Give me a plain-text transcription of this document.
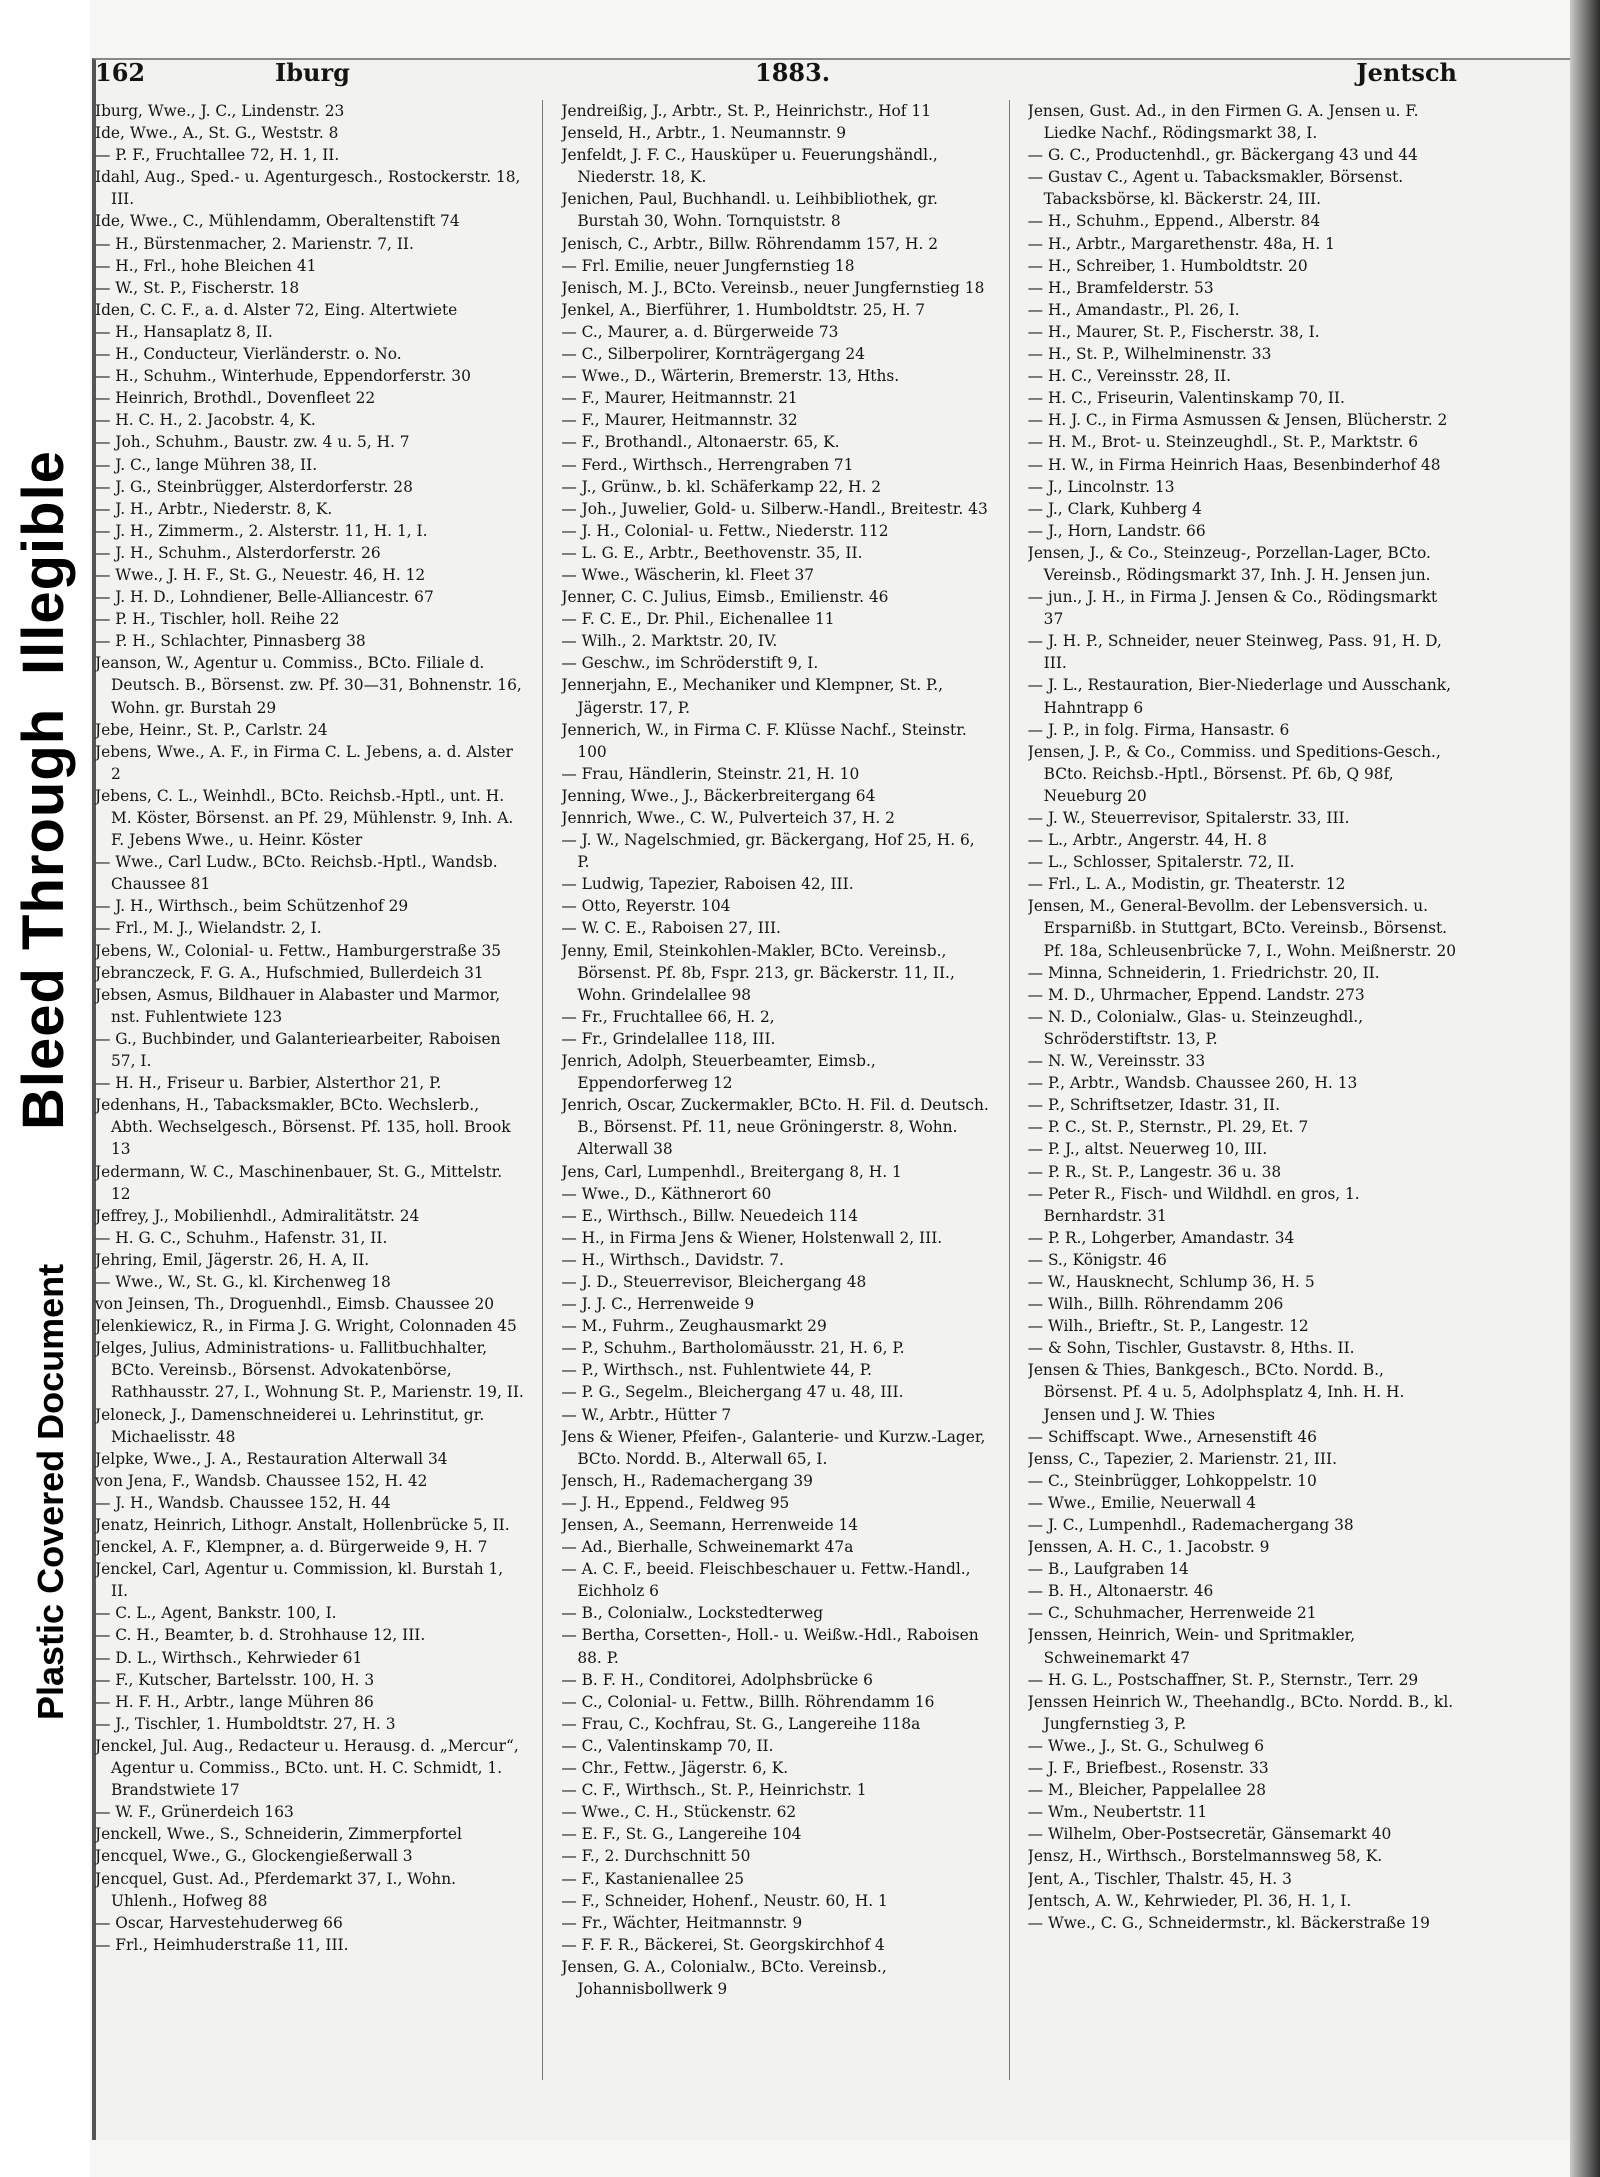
Illegible
Bleed Through
Plastic Covered Document
162	Iburg	1883.	Jentsch

Iburg, Wwe., J. C., Lindenstr. 23

Ide, Wwe., A., St. G., Weststr. 8

— P. F., Fruchtallee 72, H. 1, II.

Idahl, Aug., Sped.- u. Agenturgesch., Rostockerstr. 18, III.

Ide, Wwe., C., Mühlendamm, Oberaltenstift 74

— H., Bürstenmacher, 2. Marienstr. 7, II.

— H., Frl., hohe Bleichen 41

— W., St. P., Fischerstr. 18

Iden, C. C. F., a. d. Alster 72, Eing. Altertwiete

— H., Hansaplatz 8, II.

— H., Conducteur, Vierländerstr. o. No.

— H., Schuhm., Winterhude, Eppendorferstr. 30

— Heinrich, Brothdl., Dovenfleet 22

— H. C. H., 2. Jacobstr. 4, K.

— Joh., Schuhm., Baustr. zw. 4 u. 5, H. 7

— J. C., lange Mühren 38, II.

— J. G., Steinbrügger, Alsterdorferstr. 28

— J. H., Arbtr., Niederstr. 8, K.

— J. H., Zimmerm., 2. Alsterstr. 11, H. 1, I.

— J. H., Schuhm., Alsterdorferstr. 26

— Wwe., J. H. F., St. G., Neuestr. 46, H. 12

— J. H. D., Lohndiener, Belle-Alliancestr. 67

— P. H., Tischler, holl. Reihe 22

— P. H., Schlachter, Pinnasberg 38

Jeanson, W., Agentur u. Commiss., BCto. Filiale d. Deutsch. B., Börsenst. zw. Pf. 30—31, Bohnenstr. 16, Wohn. gr. Burstah 29

Jebe, Heinr., St. P., Carlstr. 24

Jebens, Wwe., A. F., in Firma C. L. Jebens, a. d. Alster 2

Jebens, C. L., Weinhdl., BCto. Reichsb.-Hptl., unt. H. M. Köster, Börsenst. an Pf. 29, Mühlenstr. 9, Inh. A. F. Jebens Wwe., u. Heinr. Köster

— Wwe., Carl Ludw., BCto. Reichsb.-Hptl., Wandsb. Chaussee 81

— J. H., Wirthsch., beim Schützenhof 29

— Frl., M. J., Wielandstr. 2, I.

Jebens, W., Colonial- u. Fettw., Hamburgerstraße 35

Jebranczeck, F. G. A., Hufschmied, Bullerdeich 31

Jebsen, Asmus, Bildhauer in Alabaster und Marmor, nst. Fuhlentwiete 123

— G., Buchbinder, und Galanteriearbeiter, Raboisen 57, I.

— H. H., Friseur u. Barbier, Alsterthor 21, P.

Jedenhans, H., Tabacksmakler, BCto. Wechslerb., Abth. Wechselgesch., Börsenst. Pf. 135, holl. Brook 13

Jedermann, W. C., Maschinenbauer, St. G., Mittelstr. 12

Jeffrey, J., Mobilienhdl., Admiralitätstr. 24

— H. G. C., Schuhm., Hafenstr. 31, II.

Jehring, Emil, Jägerstr. 26, H. A, II.

— Wwe., W., St. G., kl. Kirchenweg 18

von Jeinsen, Th., Droguenhdl., Eimsb. Chaussee 20

Jelenkiewicz, R., in Firma J. G. Wright, Colonnaden 45

Jelges, Julius, Administrations- u. Fallitbuchhalter, BCto. Vereinsb., Börsenst. Advokatenbörse, Rathhausstr. 27, I., Wohnung St. P., Marienstr. 19, II.

Jeloneck, J., Damenschneiderei u. Lehrinstitut, gr. Michaelisstr. 48

Jelpke, Wwe., J. A., Restauration Alterwall 34

von Jena, F., Wandsb. Chaussee 152, H. 42

— J. H., Wandsb. Chaussee 152, H. 44

Jenatz, Heinrich, Lithogr. Anstalt, Hollenbrücke 5, II.

Jenckel, A. F., Klempner, a. d. Bürgerweide 9, H. 7

Jenckel, Carl, Agentur u. Commission, kl. Burstah 1, II.

— C. L., Agent, Bankstr. 100, I.

— C. H., Beamter, b. d. Strohhause 12, III.

— D. L., Wirthsch., Kehrwieder 61

— F., Kutscher, Bartelsstr. 100, H. 3

— H. F. H., Arbtr., lange Mühren 86

— J., Tischler, 1. Humboldtstr. 27, H. 3

Jenckel, Jul. Aug., Redacteur u. Herausg. d. „Mercur“, Agentur u. Commiss., BCto. unt. H. C. Schmidt, 1. Brandstwiete 17

— W. F., Grünerdeich 163

Jenckell, Wwe., S., Schneiderin, Zimmerpfortel

Jencquel, Wwe., G., Glockengießerwall 3

Jencquel, Gust. Ad., Pferdemarkt 37, I., Wohn. Uhlenh., Hofweg 88

— Oscar, Harvestehuderweg 66

— Frl., Heimhuderstraße 11, III.

Jendreißig, J., Arbtr., St. P., Heinrichstr., Hof 11

Jenseld, H., Arbtr., 1. Neumannstr. 9

Jenfeldt, J. F. C., Hausküper u. Feuerungshändl., Niederstr. 18, K.

Jenichen, Paul, Buchhandl. u. Leihbibliothek, gr. Burstah 30, Wohn. Tornquiststr. 8

Jenisch, C., Arbtr., Billw. Röhrendamm 157, H. 2

— Frl. Emilie, neuer Jungfernstieg 18

Jenisch, M. J., BCto. Vereinsb., neuer Jungfernstieg 18

Jenkel, A., Bierführer, 1. Humboldtstr. 25, H. 7

— C., Maurer, a. d. Bürgerweide 73

— C., Silberpolirer, Kornträgergang 24

— Wwe., D., Wärterin, Bremerstr. 13, Hths.

— F., Maurer, Heitmannstr. 21

— F., Maurer, Heitmannstr. 32

— F., Brothandl., Altonaerstr. 65, K.

— Ferd., Wirthsch., Herrengraben 71

— J., Grünw., b. kl. Schäferkamp 22, H. 2

— Joh., Juwelier, Gold- u. Silberw.-Handl., Breitestr. 43

— J. H., Colonial- u. Fettw., Niederstr. 112

— L. G. E., Arbtr., Beethovenstr. 35, II.

— Wwe., Wäscherin, kl. Fleet 37

Jenner, C. C. Julius, Eimsb., Emilienstr. 46

— F. C. E., Dr. Phil., Eichenallee 11

— Wilh., 2. Marktstr. 20, IV.

— Geschw., im Schröderstift 9, I.

Jennerjahn, E., Mechaniker und Klempner, St. P., Jägerstr. 17, P.

Jennerich, W., in Firma C. F. Klüsse Nachf., Steinstr. 100

— Frau, Händlerin, Steinstr. 21, H. 10

Jenning, Wwe., J., Bäckerbreitergang 64

Jennrich, Wwe., C. W., Pulverteich 37, H. 2

— J. W., Nagelschmied, gr. Bäckergang, Hof 25, H. 6, P.

— Ludwig, Tapezier, Raboisen 42, III.

— Otto, Reyerstr. 104

— W. C. E., Raboisen 27, III.

Jenny, Emil, Steinkohlen-Makler, BCto. Vereinsb., Börsenst. Pf. 8b, Fspr. 213, gr. Bäckerstr. 11, II., Wohn. Grindelallee 98

— Fr., Fruchtallee 66, H. 2,

— Fr., Grindelallee 118, III.

Jenrich, Adolph, Steuerbeamter, Eimsb., Eppendorferweg 12

Jenrich, Oscar, Zuckermakler, BCto. H. Fil. d. Deutsch. B., Börsenst. Pf. 11, neue Gröningerstr. 8, Wohn. Alterwall 38

Jens, Carl, Lumpenhdl., Breitergang 8, H. 1

— Wwe., D., Käthnerort 60

— E., Wirthsch., Billw. Neuedeich 114

— H., in Firma Jens & Wiener, Holstenwall 2, III.

— H., Wirthsch., Davidstr. 7.

— J. D., Steuerrevisor, Bleichergang 48

— J. J. C., Herrenweide 9

— M., Fuhrm., Zeughausmarkt 29

— P., Schuhm., Bartholomäusstr. 21, H. 6, P.

— P., Wirthsch., nst. Fuhlentwiete 44, P.

— P. G., Segelm., Bleichergang 47 u. 48, III.

— W., Arbtr., Hütter 7

Jens & Wiener, Pfeifen-, Galanterie- und Kurzw.-Lager, BCto. Nordd. B., Alterwall 65, I.

Jensch, H., Rademachergang 39

— J. H., Eppend., Feldweg 95

Jensen, A., Seemann, Herrenweide 14

— Ad., Bierhalle, Schweinemarkt 47a

— A. C. F., beeid. Fleischbeschauer u. Fettw.-Handl., Eichholz 6

— B., Colonialw., Lockstedterweg

— Bertha, Corsetten-, Holl.- u. Weißw.-Hdl., Raboisen 88. P.

— B. F. H., Conditorei, Adolphsbrücke 6

— C., Colonial- u. Fettw., Billh. Röhrendamm 16

— Frau, C., Kochfrau, St. G., Langereihe 118a

— C., Valentinskamp 70, II.

— Chr., Fettw., Jägerstr. 6, K.

— C. F., Wirthsch., St. P., Heinrichstr. 1

— Wwe., C. H., Stückenstr. 62

— E. F., St. G., Langereihe 104

— F., 2. Durchschnitt 50

— F., Kastanienallee 25

— F., Schneider, Hohenf., Neustr. 60, H. 1

— Fr., Wächter, Heitmannstr. 9

— F. F. R., Bäckerei, St. Georgskirchhof 4

Jensen, G. A., Colonialw., BCto. Vereinsb., Johannisbollwerk 9

Jensen, Gust. Ad., in den Firmen G. A. Jensen u. F. Liedke Nachf., Rödingsmarkt 38, I.

— G. C., Productenhdl., gr. Bäckergang 43 und 44

— Gustav C., Agent u. Tabacksmakler, Börsenst. Tabacksbörse, kl. Bäckerstr. 24, III.

— H., Schuhm., Eppend., Alberstr. 84

— H., Arbtr., Margarethenstr. 48a, H. 1

— H., Schreiber, 1. Humboldtstr. 20

— H., Bramfelderstr. 53

— H., Amandastr., Pl. 26, I.

— H., Maurer, St. P., Fischerstr. 38, I.

— H., St. P., Wilhelminenstr. 33

— H. C., Vereinsstr. 28, II.

— H. C., Friseurin, Valentinskamp 70, II.

— H. J. C., in Firma Asmussen & Jensen, Blücherstr. 2

— H. M., Brot- u. Steinzeughdl., St. P., Marktstr. 6

— H. W., in Firma Heinrich Haas, Besenbinderhof 48

— J., Lincolnstr. 13

— J., Clark, Kuhberg 4

— J., Horn, Landstr. 66

Jensen, J., & Co., Steinzeug-, Porzellan-Lager, BCto. Vereinsb., Rödingsmarkt 37, Inh. J. H. Jensen jun.

— jun., J. H., in Firma J. Jensen & Co., Rödingsmarkt 37

— J. H. P., Schneider, neuer Steinweg, Pass. 91, H. D, III.

— J. L., Restauration, Bier-Niederlage und Ausschank, Hahntrapp 6

— J. P., in folg. Firma, Hansastr. 6

Jensen, J. P., & Co., Commiss. und Speditions-Gesch., BCto. Reichsb.-Hptl., Börsenst. Pf. 6b, Q 98f, Neueburg 20

— J. W., Steuerrevisor, Spitalerstr. 33, III.

— L., Arbtr., Angerstr. 44, H. 8

— L., Schlosser, Spitalerstr. 72, II.

— Frl., L. A., Modistin, gr. Theaterstr. 12

Jensen, M., General-Bevollm. der Lebensversich. u. Ersparnißb. in Stuttgart, BCto. Vereinsb., Börsenst. Pf. 18a, Schleusenbrücke 7, I., Wohn. Meißnerstr. 20

— Minna, Schneiderin, 1. Friedrichstr. 20, II.

— M. D., Uhrmacher, Eppend. Landstr. 273

— N. D., Colonialw., Glas- u. Steinzeughdl., Schröderstiftstr. 13, P.

— N. W., Vereinsstr. 33

— P., Arbtr., Wandsb. Chaussee 260, H. 13

— P., Schriftsetzer, Idastr. 31, II.

— P. C., St. P., Sternstr., Pl. 29, Et. 7

— P. J., altst. Neuerweg 10, III.

— P. R., St. P., Langestr. 36 u. 38

— Peter R., Fisch- und Wildhdl. en gros, 1. Bernhardstr. 31

— P. R., Lohgerber, Amandastr. 34

— S., Königstr. 46

— W., Hausknecht, Schlump 36, H. 5

— Wilh., Billh. Röhrendamm 206

— Wilh., Brieftr., St. P., Langestr. 12

— & Sohn, Tischler, Gustavstr. 8, Hths. II.

Jensen & Thies, Bankgesch., BCto. Nordd. B., Börsenst. Pf. 4 u. 5, Adolphsplatz 4, Inh. H. H. Jensen und J. W. Thies

— Schiffscapt. Wwe., Arnesenstift 46

Jenss, C., Tapezier, 2. Marienstr. 21, III.

— C., Steinbrügger, Lohkoppelstr. 10

— Wwe., Emilie, Neuerwall 4

— J. C., Lumpenhdl., Rademachergang 38

Jenssen, A. H. C., 1. Jacobstr. 9

— B., Laufgraben 14

— B. H., Altonaerstr. 46

— C., Schuhmacher, Herrenweide 21

Jenssen, Heinrich, Wein- und Spritmakler, Schweinemarkt 47

— H. G. L., Postschaffner, St. P., Sternstr., Terr. 29

Jenssen Heinrich W., Theehandlg., BCto. Nordd. B., kl. Jungfernstieg 3, P.

— Wwe., J., St. G., Schulweg 6

— J. F., Briefbest., Rosenstr. 33

— M., Bleicher, Pappelallee 28

— Wm., Neubertstr. 11

— Wilhelm, Ober-Postsecretär, Gänsemarkt 40

Jensz, H., Wirthsch., Borstelmannsweg 58, K.

Jent, A., Tischler, Thalstr. 45, H. 3

Jentsch, A. W., Kehrwieder, Pl. 36, H. 1, I.

— Wwe., C. G., Schneidermstr., kl. Bäckerstraße 19
